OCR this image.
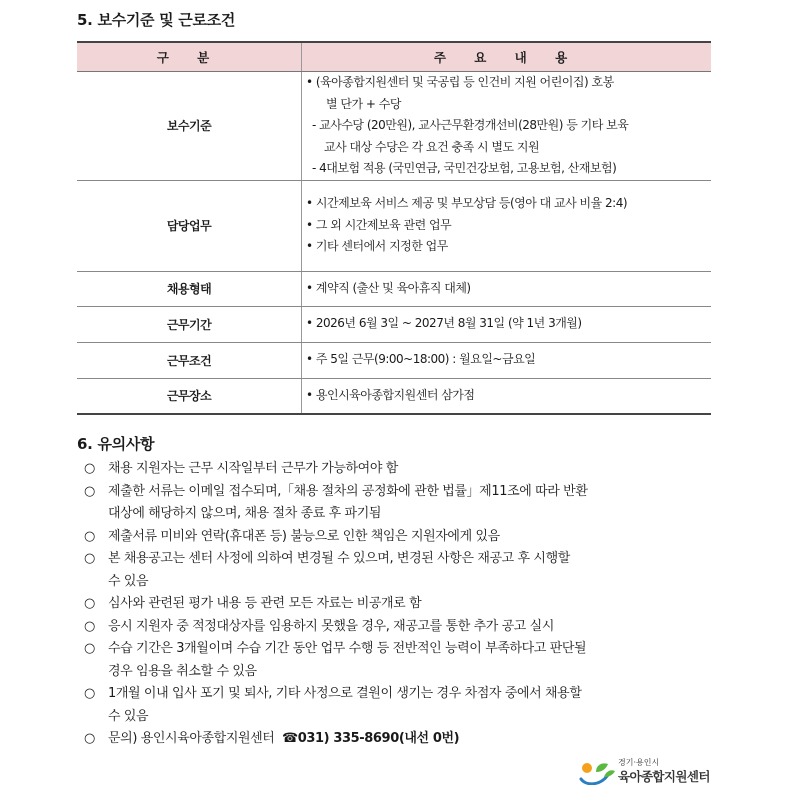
5. 보수기준 및 근로조건
구 분	주 요 내 용
보수기준	• (육아종합지원센터 및 국공립 등 인건비 지원 어린이집) 호봉
별 단가 + 수당
- 교사수당 (20만원), 교사근무환경개선비(28만원) 등 기타 보육
교사 대상 수당은 각 요건 충족 시 별도 지원
- 4대보험 적용 (국민연금, 국민건강보험, 고용보험, 산재보험)

담당업무	• 시간제보육 서비스 제공 및 부모상담 등(영아 대 교사 비율 2:4)
• 그 외 시간제보육 관련 업무
• 기타 센터에서 지정한 업무

채용형태	• 계약직 (출산 및 육아휴직 대체)

근무기간	• 2026년 6월 3일 ~ 2027년 8월 31일 (약 1년 3개월)

근무조건	• 주 5일 근무(9:00~18:00) : 월요일~금요일

근무장소	• 용인시육아종합지원센터 삼가점
6. 유의사항
○	채용 지원자는 근무 시작일부터 근무가 가능하여야 함
○	제출한 서류는 이메일 접수되며,「채용 절차의 공정화에 관한 법률」제11조에 따라 반환
대상에 해당하지 않으며, 채용 절차 종료 후 파기됨
○	제출서류 미비와 연락(휴대폰 등) 불능으로 인한 책임은 지원자에게 있음
○	본 채용공고는 센터 사정에 의하여 변경될 수 있으며, 변경된 사항은 재공고 후 시행할
수 있음
○	심사와 관련된 평가 내용 등 관련 모든 자료는 비공개로 함
○	응시 지원자 중 적정대상자를 임용하지 못했을 경우, 재공고를 통한 추가 공고 실시
○	수습 기간은 3개월이며 수습 기간 동안 업무 수행 등 전반적인 능력이 부족하다고 판단될
경우 임용을 취소할 수 있음
○	1개월 이내 입사 포기 및 퇴사, 기타 사정으로 결원이 생기는 경우 차점자 중에서 채용할
수 있음
○	문의) 용인시육아종합지원센터 ☎031) 335-8690(내선 0번)
경기·용인시
육아종합지원센터
